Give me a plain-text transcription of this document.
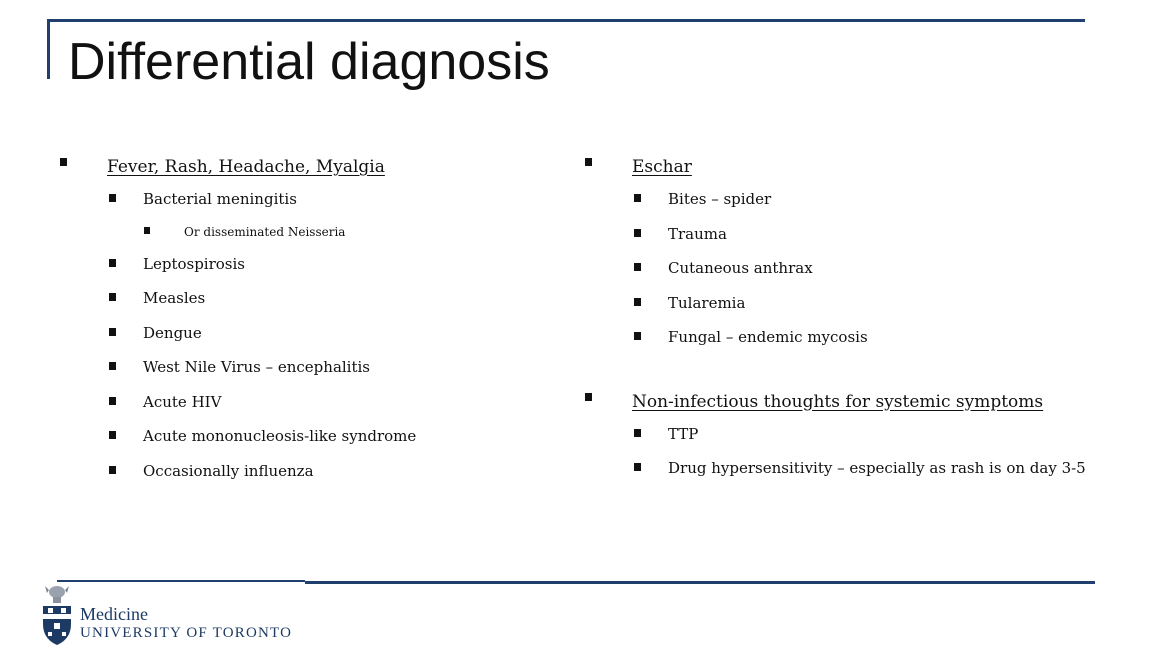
Differential diagnosis
Fever, Rash, Headache, Myalgia
Bacterial meningitis
Or disseminated Neisseria
Leptospirosis
Measles
Dengue
West Nile Virus – encephalitis
Acute HIV
Acute mononucleosis-like syndrome
Occasionally influenza
Eschar
Bites – spider
Trauma
Cutaneous anthrax
Tularemia
Fungal – endemic mycosis
Non-infectious thoughts for systemic symptoms
TTP
Drug hypersensitivity – especially as rash is on day 3-5
Medicine
UNIVERSITY OF TORONTO
